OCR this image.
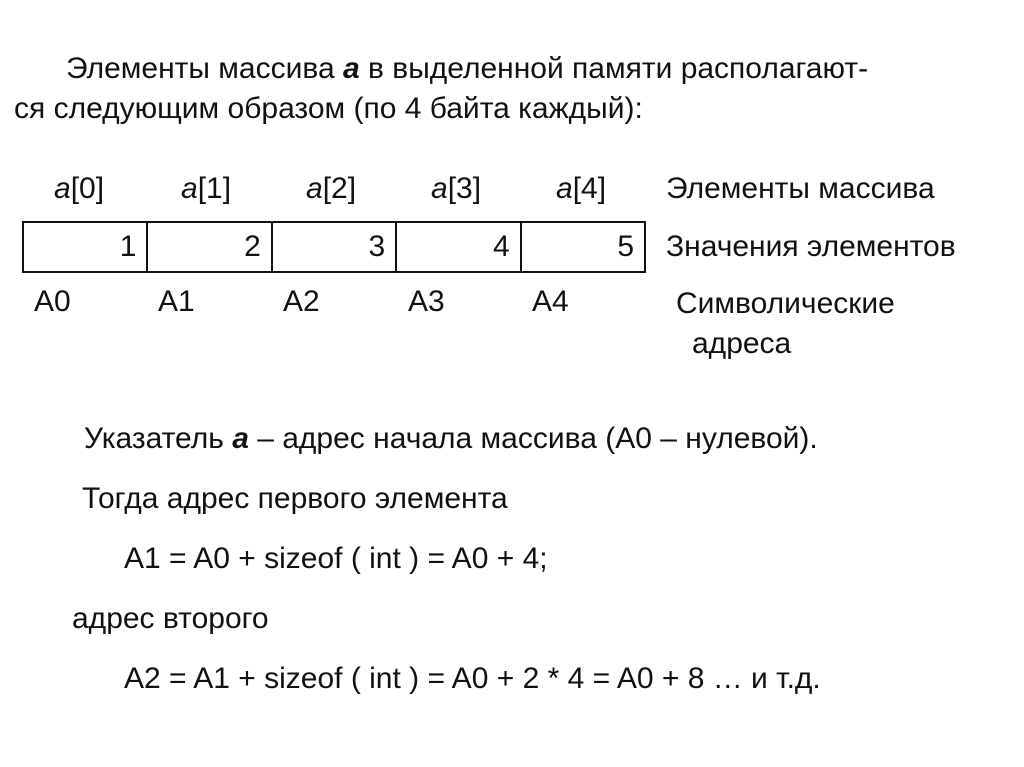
Элементы массива a в выделенной памяти располагают-
ся следующим образом (по 4 байта каждый):
a[0]	a[1] a[2] a[3] a[4] Элементы массива
1	2	3	4	5	Значения элементов
A0	A1	A2	A3	A4	Символические
адреса
Указатель a – адрес начала массива (A0 – нулевой).
Тогда адрес первого элемента
A1 = A0 + sizeof ( int ) = A0 + 4;
адрес второго
A2 = A1 + sizeof ( int ) = A0 + 2 * 4 = A0 + 8 … и т.д.
